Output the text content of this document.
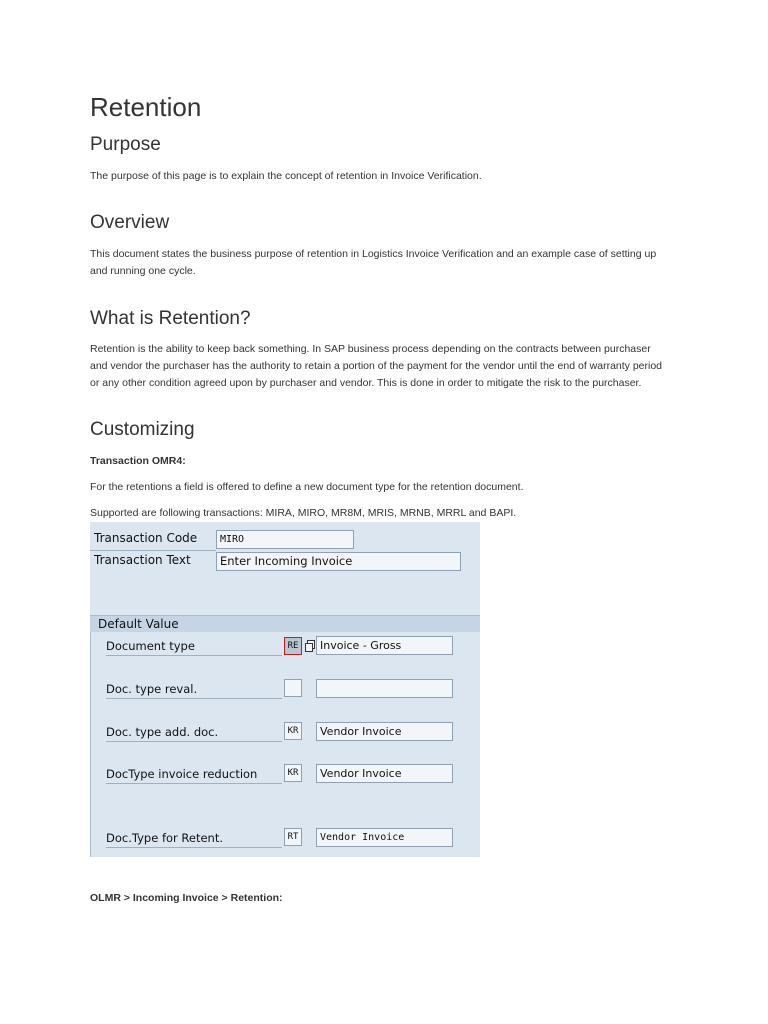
Retention
Purpose
The purpose of this page is to explain the concept of retention in Invoice Verification.
Overview
This document states the business purpose of retention in Logistics Invoice Verification and an example case of setting up
and running one cycle.
What is Retention?
Retention is the ability to keep back something. In SAP business process depending on the contracts between purchaser
and vendor the purchaser has the authority to retain a portion of the payment for the vendor until the end of warranty period
or any other condition agreed upon by purchaser and vendor. This is done in order to mitigate the risk to the purchaser.
Customizing
Transaction OMR4:
For the retentions a field is offered to define a new document type for the retention document.
Supported are following transactions: MIRA, MIRO, MR8M, MRIS, MRNB, MRRL and BAPI.
Transaction Code	MIRO
Transaction Text	Enter Incoming Invoice
Default Value
Document type	RE	Invoice - Gross
Doc. type reval.
Doc. type add. doc.	KR	Vendor Invoice
DocType invoice reduction	KR	Vendor Invoice
Doc.Type for Retent.	RT	Vendor Invoice
OLMR > Incoming Invoice > Retention:
